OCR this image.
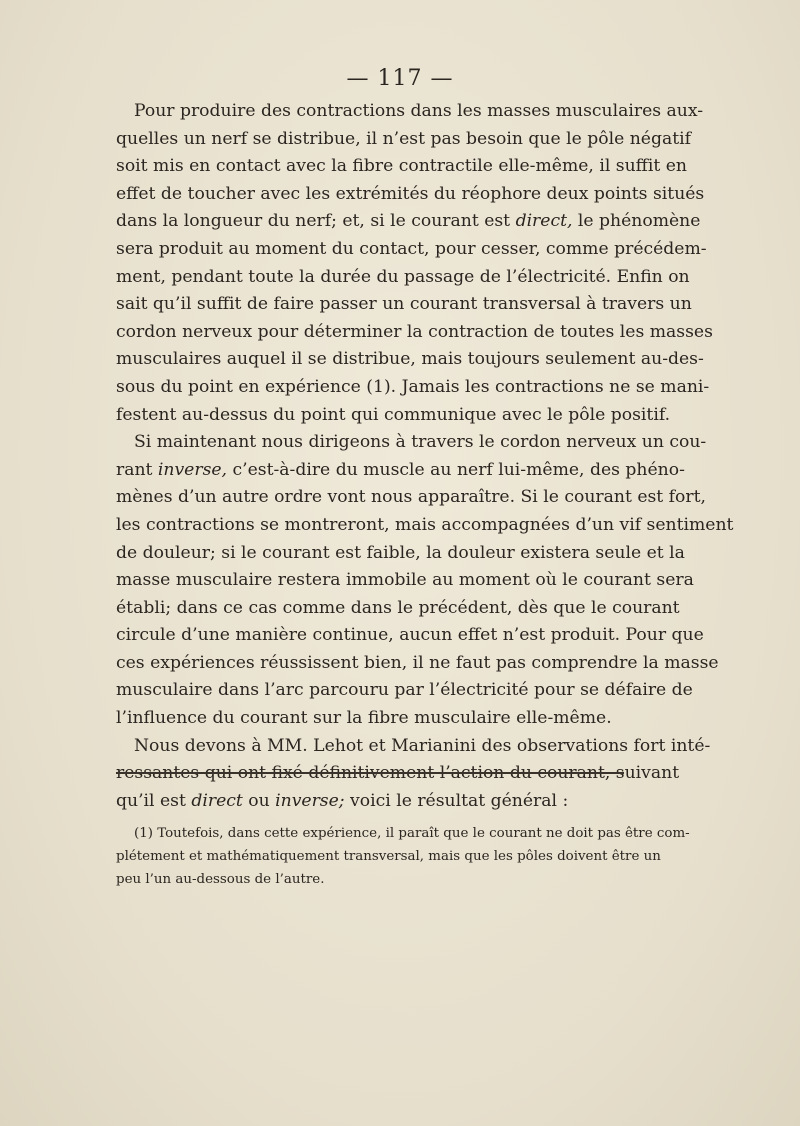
— 117 —

Pour produire des contractions dans les masses musculaires aux-
quelles un nerf se distribue, il n’est pas besoin que le pôle négatif
soit mis en contact avec la fibre contractile elle-même, il suffit en
effet de toucher avec les extrémités du réophore deux points situés
dans la longueur du nerf; et, si le courant est direct, le phénomène
sera produit au moment du contact, pour cesser, comme précédem-
ment, pendant toute la durée du passage de l’électricité. Enfin on
sait qu’il suffit de faire passer un courant transversal à travers un
cordon nerveux pour déterminer la contraction de toutes les masses
musculaires auquel il se distribue, mais toujours seulement au-des-
sous du point en expérience (1). Jamais les contractions ne se mani-
festent au-dessus du point qui communique avec le pôle positif.

Si maintenant nous dirigeons à travers le cordon nerveux un cou-
rant inverse, c’est-à-dire du muscle au nerf lui-même, des phéno-
mènes d’un autre ordre vont nous apparaître. Si le courant est fort,
les contractions se montreront, mais accompagnées d’un vif sentiment
de douleur; si le courant est faible, la douleur existera seule et la
masse musculaire restera immobile au moment où le courant sera
établi; dans ce cas comme dans le précédent, dès que le courant
circule d’une manière continue, aucun effet n’est produit. Pour que
ces expériences réussissent bien, il ne faut pas comprendre la masse
musculaire dans l’arc parcouru par l’électricité pour se défaire de
l’influence du courant sur la fibre musculaire elle-même.

Nous devons à MM. Lehot et Marianini des observations fort inté-
ressantes qui ont fixé définitivement l’action du courant, suivant
qu’il est direct ou inverse; voici le résultat général :

(1) Toutefois, dans cette expérience, il paraît que le courant ne doit pas être com-
plétement et mathématiquement transversal, mais que les pôles doivent être un
peu l’un au-dessous de l’autre.
